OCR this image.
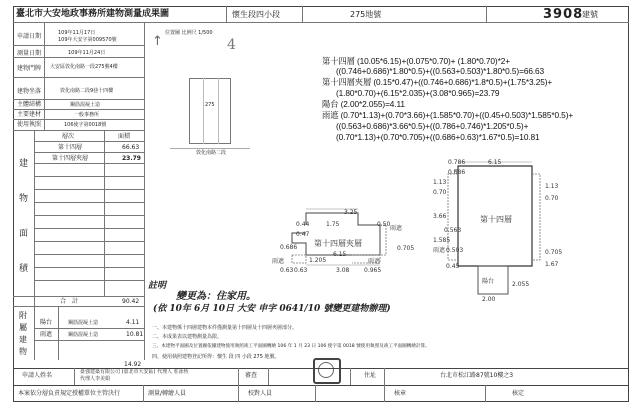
臺北市大安地政事務所建物測量成果圖	懷生段四小段	275地號	3908
建號
申請日期	109年11月17日
109年大安字第009570號
測量日期	109年11月24日
建物門牌 大安區敦化南路一段275號4樓
建物坐落	敦化南路二段9巷十四樓
主體結構	鋼筋混凝土造
主要建材	一般事務所
使用執照	106使字第0018號
層次	面積
第十四層	66.63
第十四層夾層	23.79
合　計	90.42
建
物
面
積
附
屬
建
物
陽台	鋼筋混凝土造	4.11
雨遮	鋼筋混凝土造	10.81
14.92
位置圖 比例尺 1/500
↑
275
敦化南路二段
4
第十四層 (10.05*6.15)+(0.075*0.70)+ (1.80*0.70)*2+
((0.746+0.686)*1.80*0.5)+((0.563+0.503)*1.80*0.5)=66.63
第十四層夾層 (0.15*0.47)+((0.746+0.686)*1.8*0.5)+(1.75*3.25)+
(1.80*0.70)+(6.15*2.035)+(3.08*0.965)=23.79
陽台 (2.00*2.055)=4.11
雨遮 (0.70*1.13)+(0.70*3.66)+(1.585*0.70)+((0.45+0.503)*1.585*0.5)+
((0.563+0.686)*3.66*0.5)+((0.786+0.746)*1.205*0.5)+
(0.70*1.13)+(0.70*0.705)+((0.686+0.63)*1.67*0.5)=10.81
第十四層夾層
3.25
0.50
雨遮
1.75
0.686	0.705
0.44
6.15
0.47
0.63	3.08 0.965
0.63
雨遮	雨遮
1.205
第十四層
0.786	6.15
0.686
1.13
0.70
3.66
0.563
1.585
0.503
0.45
1.13
0.70
0.705
1.67
雨遮
陽台
2.00
2.055
註明
變更為：住家用。
(依 10年 6月 10日 大安 申字 0641/10 號變更建物辦理)
一、本建物係十四層建物本件僅測量第十四層及十四層夾層部分。
二、本成果表以建物測量為限。
三、本建物平面圖及位置圖依據建物使用執照竣工平面圖轉繪 106 年 1 月 23 日 106 使字第 0018 號使用執照及竣工平面圖轉繪計算。
四、使用執照建物登記所得：懷生 段 四 小段 275 地號。
申請人姓名	臺強建築有限公司 (臺北市大安區) 代理人 莊泳恆
代理人李美娟	審查	住址	台北市松江路87號10樓之3
本案依分層負責規定授權單位主管決行	測量/轉繪人員	校對人員	核章	核定
